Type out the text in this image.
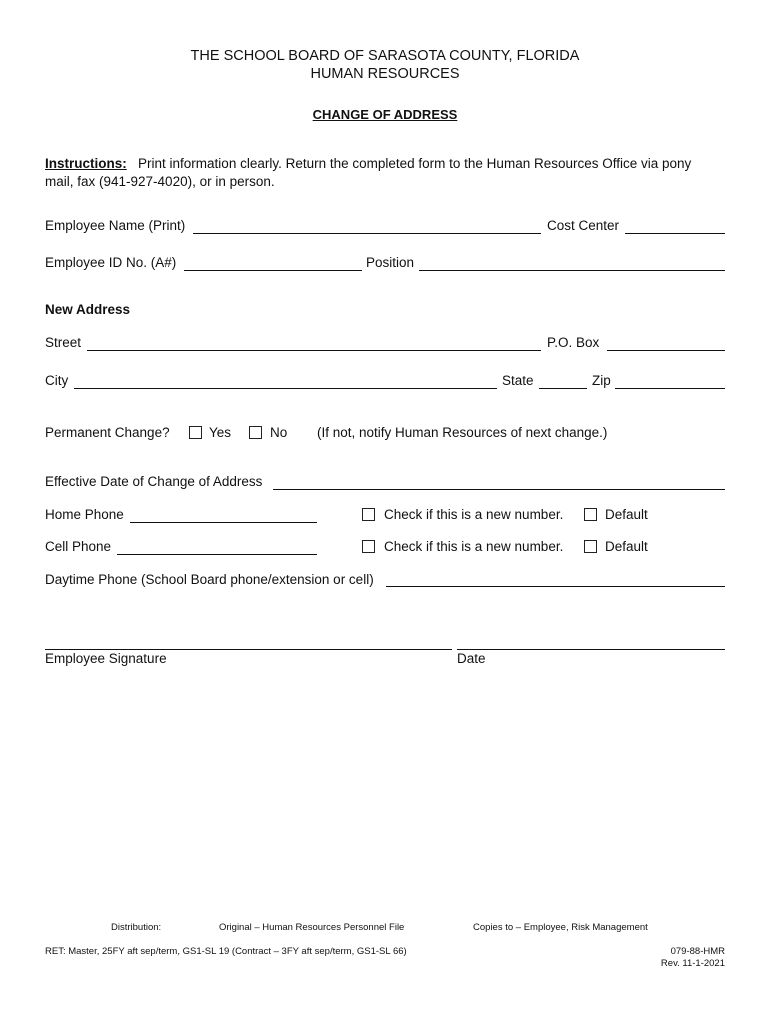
THE SCHOOL BOARD OF SARASOTA COUNTY, FLORIDA
HUMAN RESOURCES
CHANGE OF ADDRESS
Instructions: Print information clearly. Return the completed form to the Human Resources Office via pony
mail, fax (941-927-4020), or in person.
Employee Name (Print)	Cost Center
Employee ID No. (A#)	Position
New Address
Street	P.O. Box
City	State	Zip
Permanent Change?	Yes	No (If not, notify Human Resources of next change.)
Effective Date of Change of Address
Home Phone	Check if this is a new number.	Default
Cell Phone	Check if this is a new number.	Default
Daytime Phone (School Board phone/extension or cell)
Employee Signature	Date
Distribution:	Original – Human Resources Personnel File	Copies to – Employee, Risk Management
RET: Master, 25FY aft sep/term, GS1-SL 19 (Contract – 3FY aft sep/term, GS1-SL 66)	079-88-HMR
Rev. 11-1-2021
